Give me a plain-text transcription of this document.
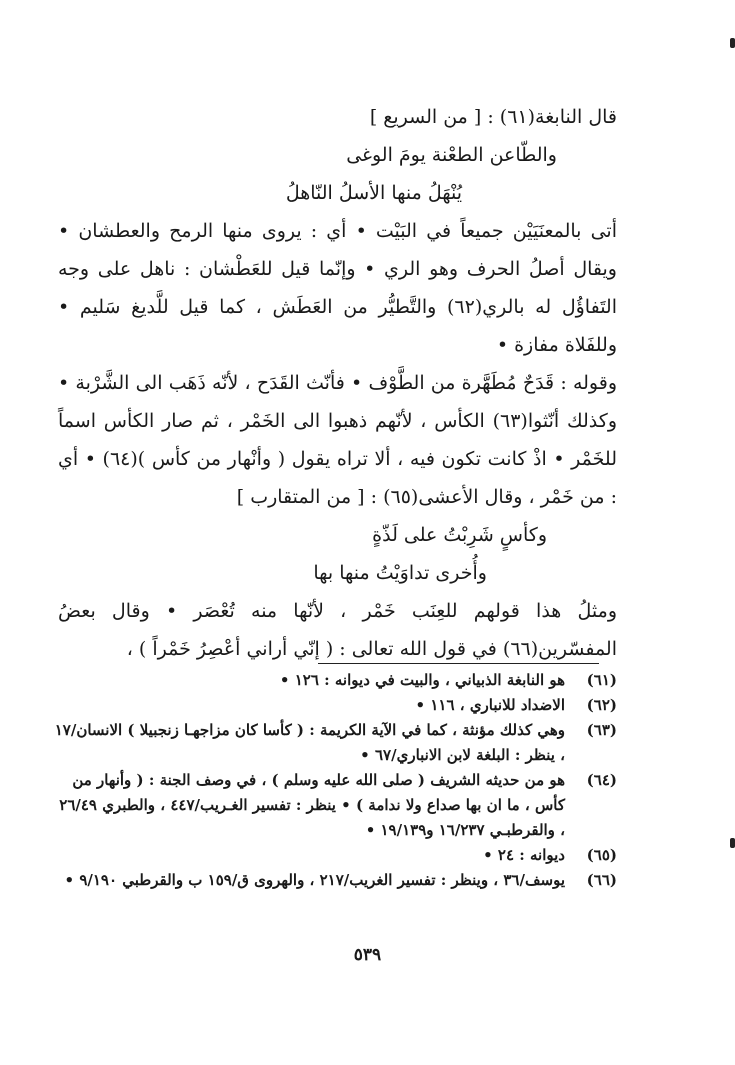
قال النابغة(٦١) : [ من السريع ]

والطّاعن الطعْنة يومَ الوغى

يُنْهَلُ منها الأسلُ النّاهلُ

أتى بالمعنَيَيْن جميعاً في البَيْت • أي : يروى منها الرمح والعطشان • ويقال أصلُ الحرف وهو الري • وإنّما قيل للعَطْشان : ناهل على وجه التَفاؤُل له بالري(٦٢) والتَّطيُّر من العَطَش ، كما قيل للَّديغ سَليم • وللفَلاة مفازة •

وقوله : قَدَحٌ مُطَهَّرة من الطَّوْف • فأنّث القَدَح ، لأنّه ذَهَب الى الشَّرْبة • وكذلك أنّثوا(٦٣) الكأس ، لأنّهم ذهبوا الى الخَمْر ، ثم صار الكأس اسماً للخَمْر • اذْ كانت تكون فيه ، ألا تراه يقول ( وأنْهار من كأس )(٦٤) • أي : من خَمْر ، وقال الأعشى(٦٥) : [ من المتقارب ]

وكأسٍ شَرِبْتُ على لَذّةٍ

وأُخرى تداوَيْتُ منها بها

ومثلُ هذا قولهم للعِنَب خَمْر ، لأنّها منه تُعْصَر • وقال بعضُ المفسّرين(٦٦) في قول الله تعالى : ( إنّي أراني أعْصِرُ خَمْراً ) ،

(٦١)
هو النابغة الذبياني ، والبيت في ديوانه : ١٢٦ •
(٦٢)
الاضداد للانباري ، ١١٦ •
(٦٣)
وهي كذلك مؤنثة ، كما في الآية الكريمة : ( كأسا كان مزاجهـا زنجبيلا ) الانسان/١٧ ، ينظر : البلغة لابن الانباري/٦٧ •
(٦٤)
هو من حديثه الشريف ( صلى الله عليه وسلم ) ، في وصف الجنة : ( وأنهار من كأس ، ما ان بها صداع ولا ندامة ) • ينظر : تفسير الغـريب/٤٤٧ ، والطبري ٢٦/٤٩ ، والقرطبـي ١٦/٢٣٧ و١٩/١٣٩ •
(٦٥)
ديوانه : ٢٤ •
(٦٦)
يوسف/٣٦ ، وينظر : تفسير الغريب/٢١٧ ، والهروى ق/١٥٩ ب والقرطبي ٩/١٩٠ •
٥٣٩
